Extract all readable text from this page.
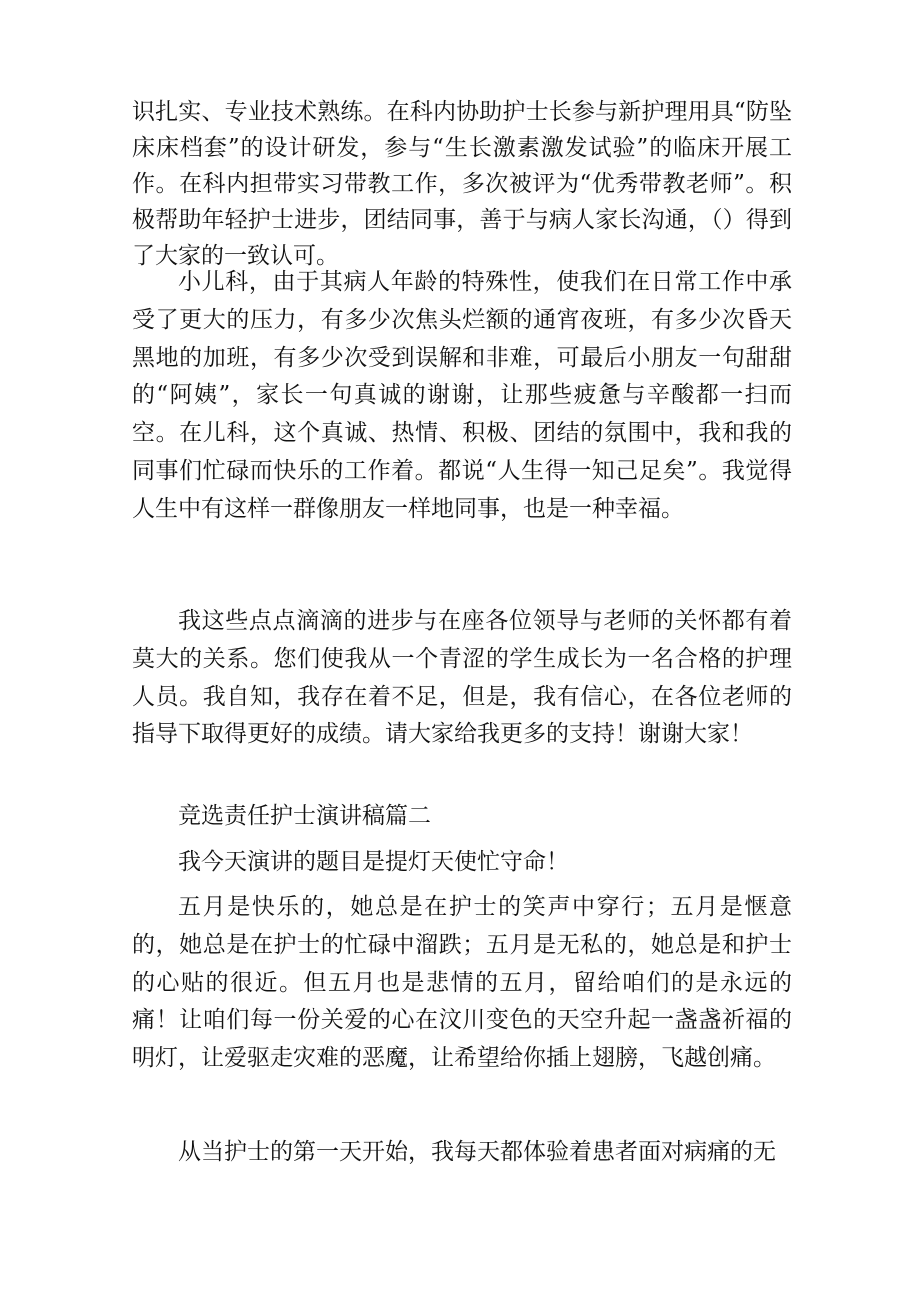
识扎实、专业技术熟练。在科内协助护士长参与新护理用具“防坠床床档套”的设计研发，参与“生长激素激发试验”的临床开展工作。在科内担带实习带教工作，多次被评为“优秀带教老师”。积极帮助年轻护士进步，团结同事，善于与病人家长沟通，（）得到了大家的一致认可。

小儿科，由于其病人年龄的特殊性，使我们在日常工作中承受了更大的压力，有多少次焦头烂额的通宵夜班，有多少次昏天黑地的加班，有多少次受到误解和非难，可最后小朋友一句甜甜的“阿姨”，家长一句真诚的谢谢，让那些疲惫与辛酸都一扫而空。在儿科，这个真诚、热情、积极、团结的氛围中，我和我的同事们忙碌而快乐的工作着。都说“人生得一知己足矣”。我觉得人生中有这样一群像朋友一样地同事，也是一种幸福。

我这些点点滴滴的进步与在座各位领导与老师的关怀都有着莫大的关系。您们使我从一个青涩的学生成长为一名合格的护理人员。我自知，我存在着不足，但是，我有信心，在各位老师的指导下取得更好的成绩。请大家给我更多的支持！谢谢大家！

竞选责任护士演讲稿篇二

我今天演讲的题目是提灯天使忙守命！

五月是快乐的，她总是在护士的笑声中穿行；五月是惬意的，她总是在护士的忙碌中溜跌；五月是无私的，她总是和护士的心贴的很近。但五月也是悲情的五月，留给咱们的是永远的痛！让咱们每一份关爱的心在汶川变色的天空升起一盏盏祈福的明灯，让爱驱走灾难的恶魔，让希望给你插上翅膀，飞越创痛。

从当护士的第一天开始，我每天都体验着患者面对病痛的无
